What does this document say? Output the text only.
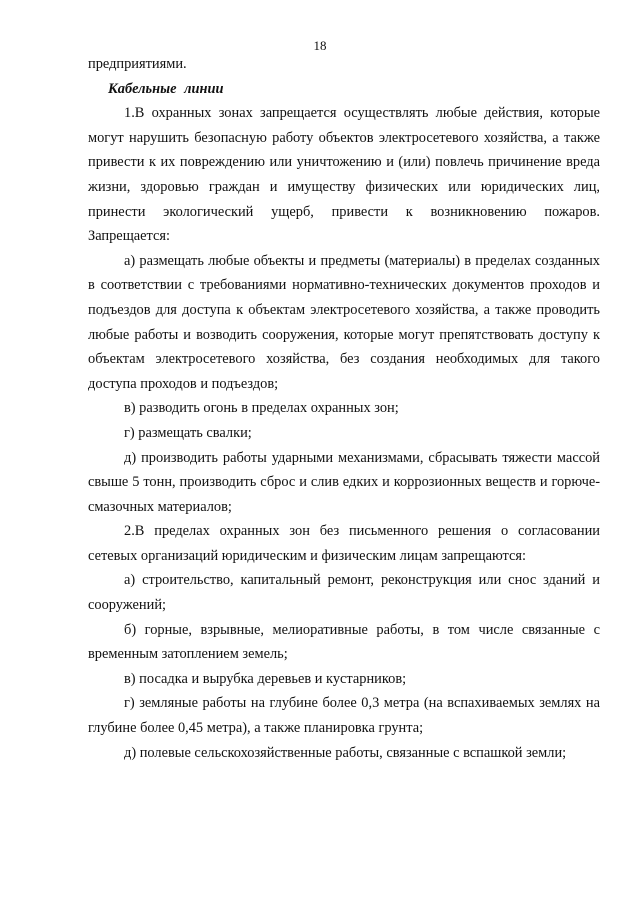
18

предприятиями.

Кабельные линии

1.В охранных зонах запрещается осуществлять любые действия, которые могут нарушить безопасную работу объектов электросетевого хозяйства, а также привести к их повреждению или уничтожению и (или) повлечь причинение вреда жизни, здоровью граждан и имуществу физических или юридических лиц, принести экологический ущерб, привести к возникновению пожаров. Запрещается:

а) размещать любые объекты и предметы (материалы) в пределах созданных в соответствии с требованиями нормативно-технических документов проходов и подъездов для доступа к объектам электросетевого хозяйства, а также проводить любые работы и возводить сооружения, которые могут препятствовать доступу к объектам электросетевого хозяйства, без создания необходимых для такого доступа проходов и подъездов;

в) разводить огонь в пределах охранных зон;

г) размещать свалки;

д) производить работы ударными механизмами, сбрасывать тяжести массой свыше 5 тонн, производить сброс и слив едких и коррозионных веществ и горюче-смазочных материалов;

2.В пределах охранных зон без письменного решения о согласовании сетевых организаций юридическим и физическим лицам запрещаются:

а) строительство, капитальный ремонт, реконструкция или снос зданий и сооружений;

б) горные, взрывные, мелиоративные работы, в том числе связанные с временным затоплением земель;

в) посадка и вырубка деревьев и кустарников;

г) земляные работы на глубине более 0,3 метра (на вспахиваемых землях на глубине более 0,45 метра), а также планировка грунта;

д) полевые сельскохозяйственные работы, связанные с вспашкой земли;
